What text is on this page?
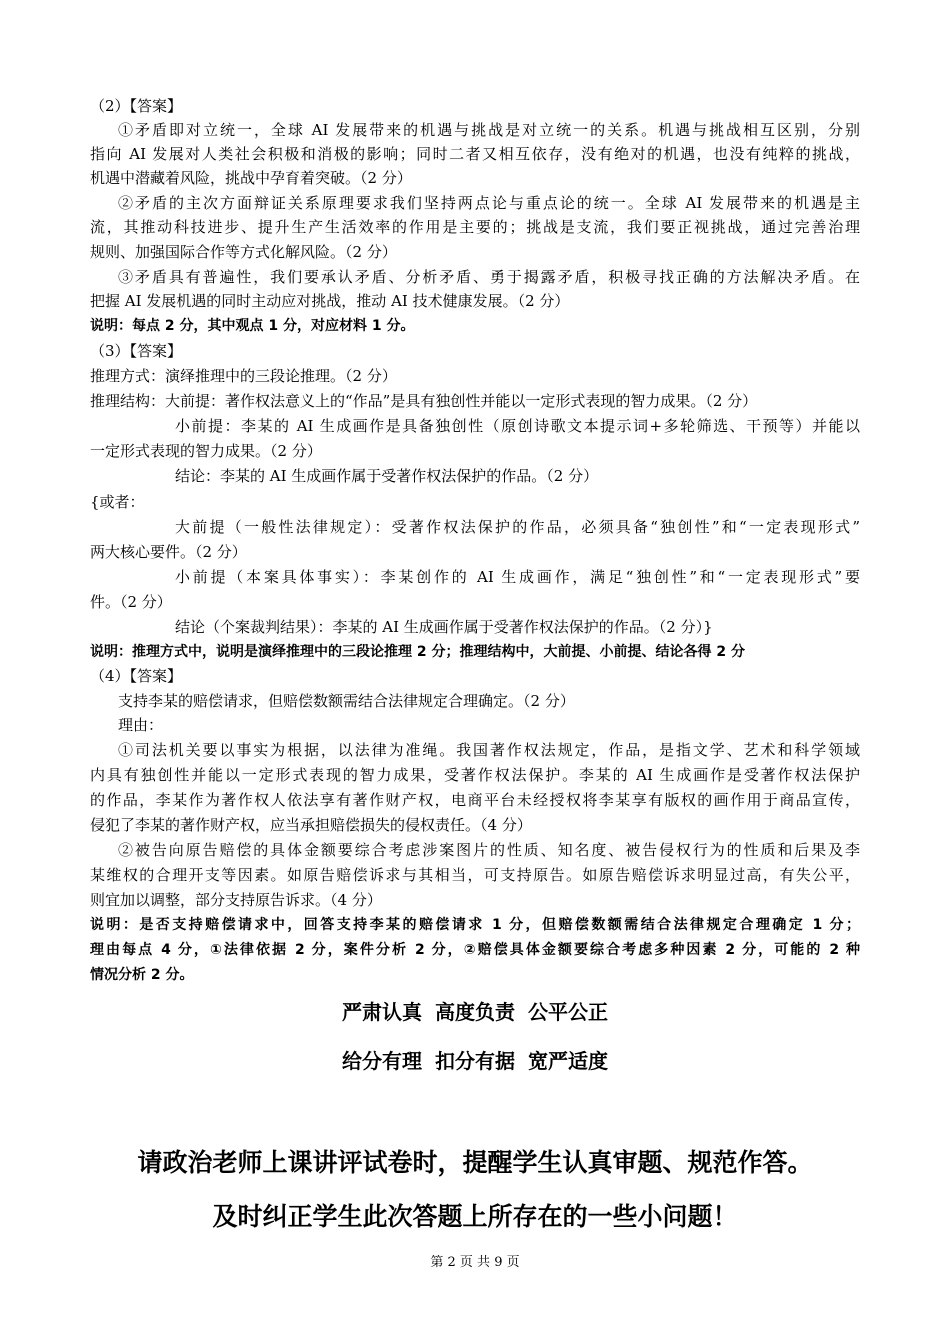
（2）【答案】
①矛盾即对立统一，全球 AI 发展带来的机遇与挑战是对立统一的关系。机遇与挑战相互区别，分别
指向 AI 发展对人类社会积极和消极的影响；同时二者又相互依存，没有绝对的机遇，也没有纯粹的挑战，
机遇中潜藏着风险，挑战中孕育着突破。（2 分）
②矛盾的主次方面辩证关系原理要求我们坚持两点论与重点论的统一。全球 AI 发展带来的机遇是主
流，其推动科技进步、提升生产生活效率的作用是主要的；挑战是支流，我们要正视挑战，通过完善治理
规则、加强国际合作等方式化解风险。（2 分）
③矛盾具有普遍性，我们要承认矛盾、分析矛盾、勇于揭露矛盾，积极寻找正确的方法解决矛盾。在
把握 AI 发展机遇的同时主动应对挑战，推动 AI 技术健康发展。（2 分）
说明：每点 2 分，其中观点 1 分，对应材料 1 分。
（3）【答案】
推理方式：演绎推理中的三段论推理。（2 分）
推理结构：大前提：著作权法意义上的“作品”是具有独创性并能以一定形式表现的智力成果。（2 分）
小前提：李某的 AI 生成画作是具备独创性（原创诗歌文本提示词+多轮筛选、干预等）并能以
一定形式表现的智力成果。（2 分）
结论：李某的 AI 生成画作属于受著作权法保护的作品。（2 分）
{或者：
大前提（一般性法律规定）：受著作权法保护的作品，必须具备“独创性”和“一定表现形式”
两大核心要件。（2 分）
小前提（本案具体事实）：李某创作的 AI 生成画作，满足“独创性”和“一定表现形式”要
件。（2 分）
结论（个案裁判结果）：李某的 AI 生成画作属于受著作权法保护的作品。（2 分）}
说明：推理方式中，说明是演绎推理中的三段论推理 2 分；推理结构中，大前提、小前提、结论各得 2 分
（4）【答案】
支持李某的赔偿请求，但赔偿数额需结合法律规定合理确定。（2 分）
理由：
①司法机关要以事实为根据，以法律为准绳。我国著作权法规定，作品，是指文学、艺术和科学领域
内具有独创性并能以一定形式表现的智力成果，受著作权法保护。李某的 AI 生成画作是受著作权法保护
的作品，李某作为著作权人依法享有著作财产权，电商平台未经授权将李某享有版权的画作用于商品宣传，
侵犯了李某的著作财产权，应当承担赔偿损失的侵权责任。（4 分）
②被告向原告赔偿的具体金额要综合考虑涉案图片的性质、知名度、被告侵权行为的性质和后果及李
某维权的合理开支等因素。如原告赔偿诉求与其相当，可支持原告。如原告赔偿诉求明显过高，有失公平，
则宜加以调整，部分支持原告诉求。（4 分）
说明：是否支持赔偿请求中，回答支持李某的赔偿请求 1 分，但赔偿数额需结合法律规定合理确定 1 分；
理由每点 4 分，①法律依据 2 分，案件分析 2 分，②赔偿具体金额要综合考虑多种因素 2 分，可能的 2 种
情况分析 2 分。
严肃认真 高度负责 公平公正
给分有理 扣分有据 宽严适度
请政治老师上课讲评试卷时，提醒学生认真审题、规范作答。
及时纠正学生此次答题上所存在的一些小问题！
第 2 页 共 9 页
